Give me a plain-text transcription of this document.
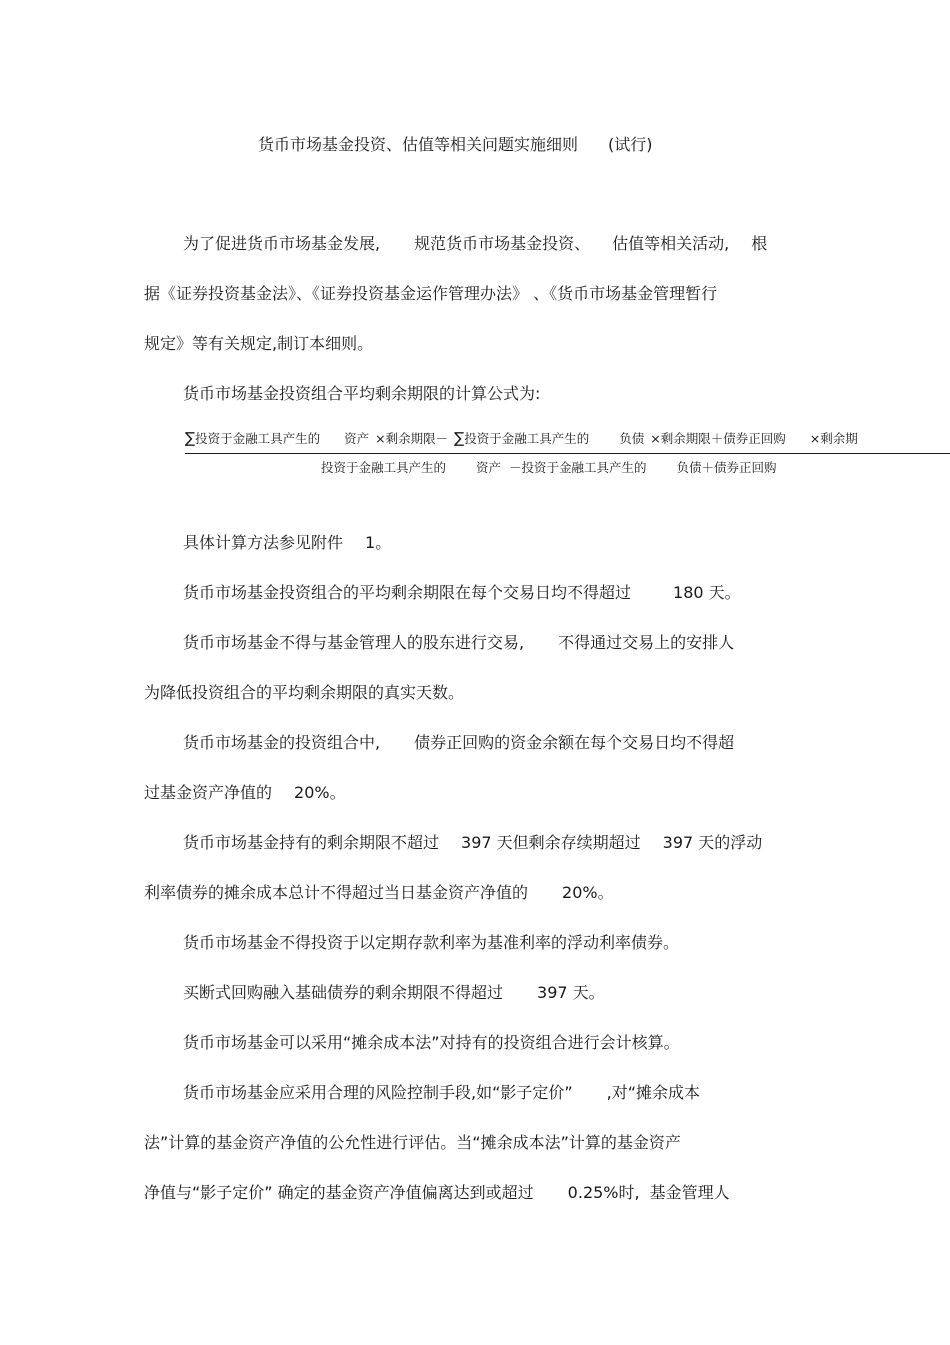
货币市场基金投资、估值等相关问题实施细则 (试行)
为了促进货币市场基金发展, 规范货币市场基金投资、 估值等相关活动, 根
据《证券投资基金法》、《证券投资基金运作管理办法》 、《货币市场基金管理暂行
规定》等有关规定,制订本细则。
货币市场基金投资组合平均剩余期限的计算公式为:
∑投资于金融工具产生的 资产 ×剩余期限－ ∑投资于金融工具产生的 负债 ×剩余期限＋债券正回购 ×剩余期
投资于金融工具产生的 资产 －投资于金融工具产生的 负债＋债券正回购
具体计算方法参见附件 1。
货币市场基金投资组合的平均剩余期限在每个交易日均不得超过	180 天。
货币市场基金不得与基金管理人的股东进行交易, 不得通过交易上的安排人
为降低投资组合的平均剩余期限的真实天数。
货币市场基金的投资组合中, 债券正回购的资金余额在每个交易日均不得超
过基金资产净值的 20%。
货币市场基金持有的剩余期限不超过 397 天但剩余存续期超过 397 天的浮动
利率债券的摊余成本总计不得超过当日基金资产净值的 20%。
货币市场基金不得投资于以定期存款利率为基准利率的浮动利率债券。
买断式回购融入基础债券的剩余期限不得超过 397 天。
货币市场基金可以采用“摊余成本法”对持有的投资组合进行会计核算。
货币市场基金应采用合理的风险控制手段,如“影子定价” ,对“摊余成本
法”计算的基金资产净值的公允性进行评估。当“摊余成本法”计算的基金资产
净值与“影子定价” 确定的基金资产净值偏离达到或超过 0.25%时, 基金管理人
